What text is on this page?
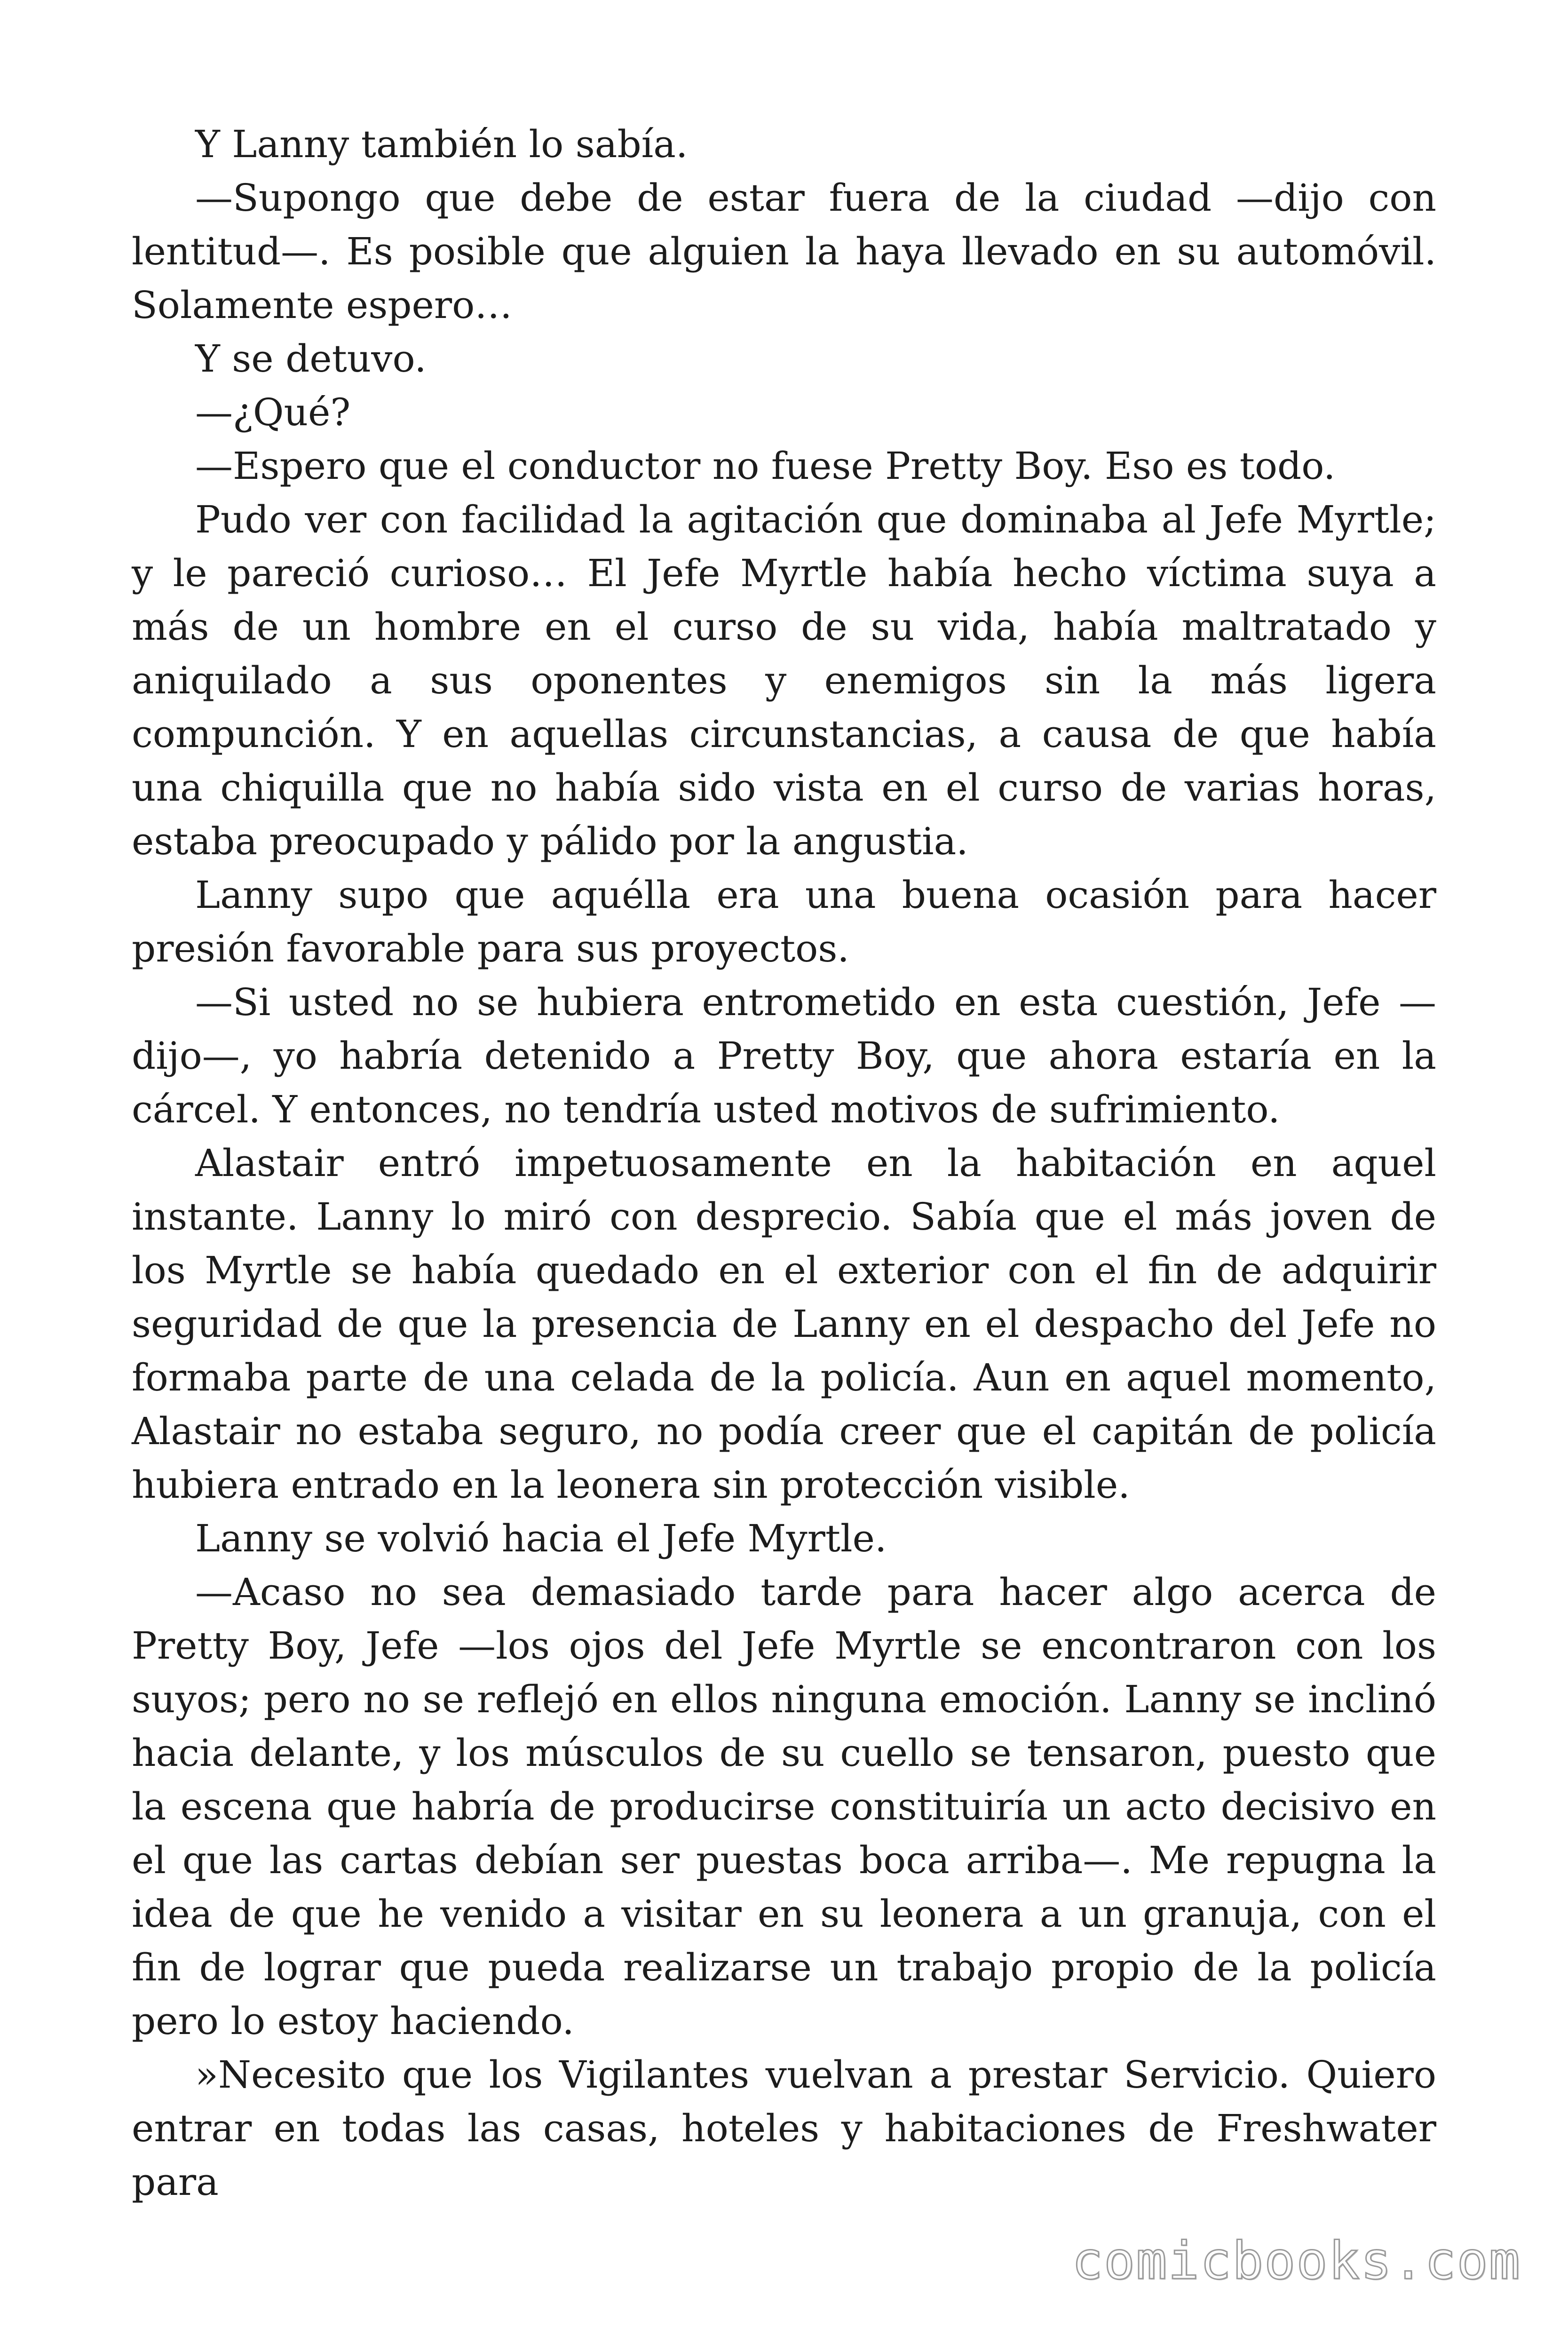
Y Lanny también lo sabía.

—Supongo que debe de estar fuera de la ciudad —dijo con lentitud—. Es posible que alguien la haya llevado en su automóvil. Solamente espero…

Y se detuvo.

—¿Qué?

—Espero que el conductor no fuese Pretty Boy. Eso es todo.

Pudo ver con facilidad la agitación que dominaba al Jefe Myrtle; y le pareció curioso… El Jefe Myrtle había hecho víctima suya a más de un hombre en el curso de su vida, había maltratado y aniquilado a sus oponentes y enemigos sin la más ligera compunción. Y en aquellas circunstancias, a causa de que había una chiquilla que no había sido vista en el curso de varias horas, estaba preocupado y pálido por la angustia.

Lanny supo que aquélla era una buena ocasión para hacer presión favorable para sus proyectos.

—Si usted no se hubiera entrometido en esta cuestión, Jefe —dijo—, yo habría detenido a Pretty Boy, que ahora estaría en la cárcel. Y entonces, no tendría usted motivos de sufrimiento.

Alastair entró impetuosamente en la habitación en aquel instante. Lanny lo miró con desprecio. Sabía que el más joven de los Myrtle se había quedado en el exterior con el fin de adquirir seguridad de que la presencia de Lanny en el despacho del Jefe no formaba parte de una celada de la policía. Aun en aquel momento, Alastair no estaba seguro, no podía creer que el capitán de policía hubiera entrado en la leonera sin protección visible.

Lanny se volvió hacia el Jefe Myrtle.

—Acaso no sea demasiado tarde para hacer algo acerca de Pretty Boy, Jefe —los ojos del Jefe Myrtle se encontraron con los suyos; pero no se reflejó en ellos ninguna emoción. Lanny se inclinó hacia delante, y los músculos de su cuello se tensaron, puesto que la escena que habría de producirse constituiría un acto decisivo en el que las cartas debían ser puestas boca arriba—. Me repugna la idea de que he venido a visitar en su leonera a un granuja, con el fin de lograr que pueda realizarse un trabajo propio de la policía pero lo estoy haciendo.

»Necesito que los Vigilantes vuelvan a prestar Servicio. Quiero entrar en todas las casas, hoteles y habitaciones de Freshwater para

comicbooks.com
